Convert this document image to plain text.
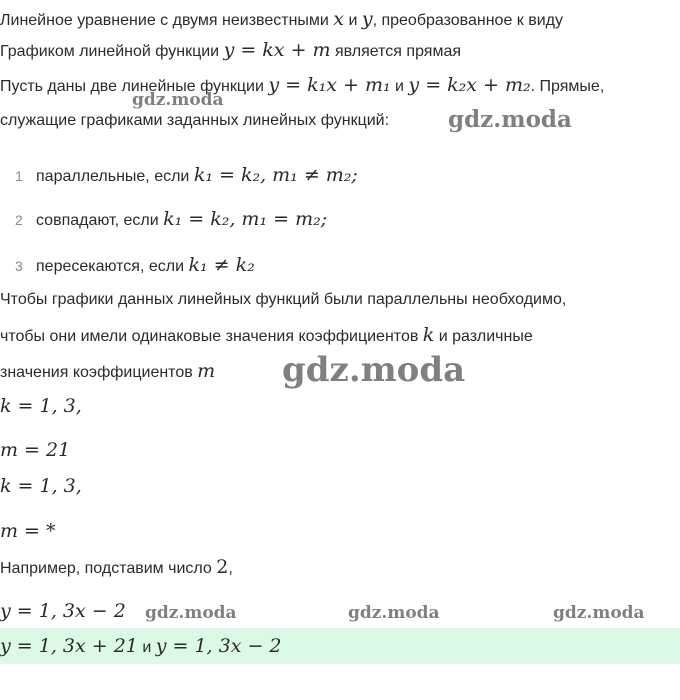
Линейное уравнение с двумя неизвестными x и y, преобразованное к виду
Графиком линейной функции y = kx + m является прямая
Пусть даны две линейные функции y = k₁x + m₁ и y = k₂x + m₂. Прямые,
служащие графиками заданных линейных функций:
1 параллельные, если k₁ = k₂, m₁ ≠ m₂;
2 совпадают, если k₁ = k₂, m₁ = m₂;
3 пересекаются, если k₁ ≠ k₂
Чтобы графики данных линейных функций были параллельны необходимо,
чтобы они имели одинаковые значения коэффициентов k и различные
значения коэффициентов m
k = 1, 3,
m = 21
k = 1, 3,
m = *
Например, подставим число 2,
y = 1, 3x − 2
y = 1, 3x + 21 и y = 1, 3x − 2
gdz.moda
gdz.moda
gdz.moda
gdz.moda	gdz.moda	gdz.moda
